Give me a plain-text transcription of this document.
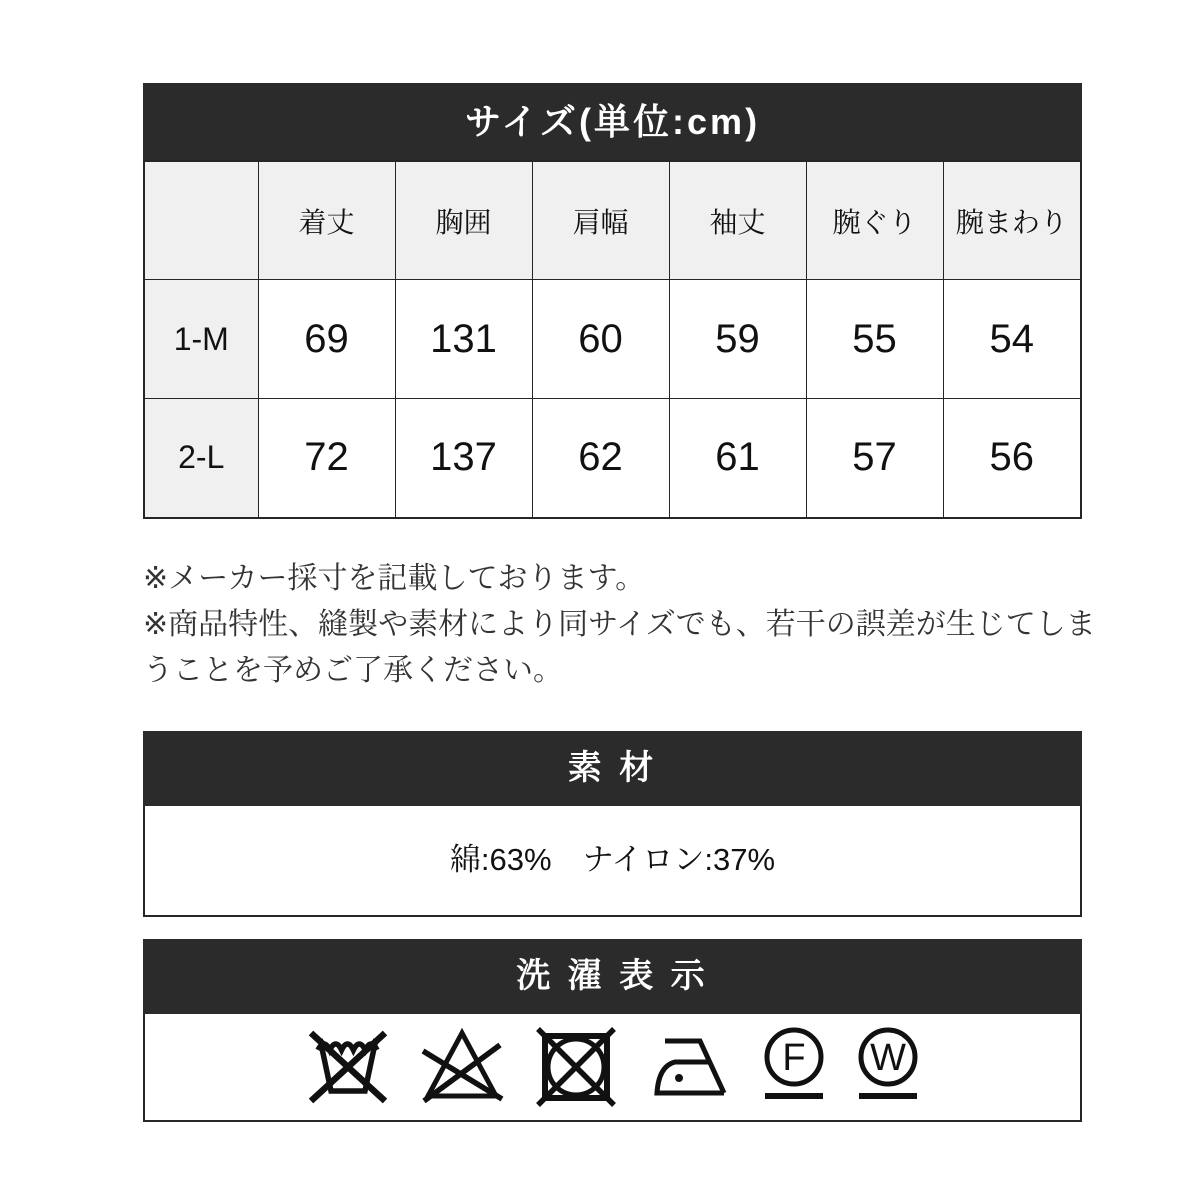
サイズ(単位:cm)
	着丈	胸囲	肩幅	袖丈	腕ぐり	腕まわり
1-M	69	131	60	59	55	54
2-L	72	137	62	61	57	56

※メーカー採寸を記載しております。

※商品特性、縫製や素材により同サイズでも、若干の誤差が生じてしまうことを予めご了承ください。

素 材
綿:63%　ナイロン:37%
洗 濯 表 示
F W
